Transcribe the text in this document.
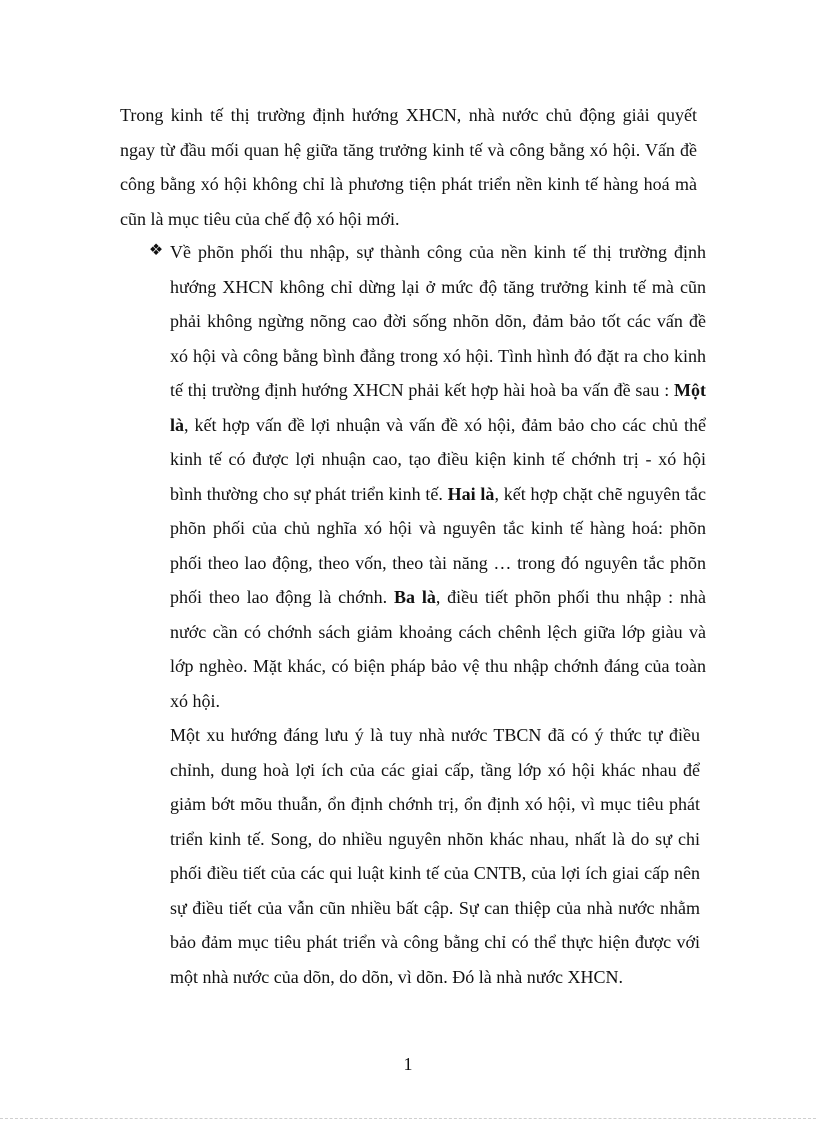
Trong kinh tế thị trường định hướng XHCN, nhà nước chủ động giải quyết ngay từ đầu mối quan hệ giữa tăng trưởng kinh tế và công bằng xó hội. Vấn đề công bằng xó hội không chỉ là phương tiện phát triển nền kinh tế hàng hoá mà cũn là mục tiêu của chế độ xó hội mới.

❖ Về phõn phối thu nhập, sự thành công của nền kinh tế thị trường định hướng XHCN không chỉ dừng lại ở mức độ tăng trưởng kinh tế mà cũn phải không ngừng nõng cao đời sống nhõn dõn, đảm bảo tốt các vấn đề xó hội và công bằng bình đẳng trong xó hội. Tình hình đó đặt ra cho kinh tế thị trường định hướng XHCN phải kết hợp hài hoà ba vấn đề sau : Một là, kết hợp vấn đề lợi nhuận và vấn đề xó hội, đảm bảo cho các chủ thể kinh tế có được lợi nhuận cao, tạo điều kiện kinh tế chớnh trị - xó hội bình thường cho sự phát triển kinh tế. Hai là, kết hợp chặt chẽ nguyên tắc phõn phối của chủ nghĩa xó hội và nguyên tắc kinh tế hàng hoá: phõn phối theo lao động, theo vốn, theo tài năng … trong đó nguyên tắc phõn phối theo lao động là chớnh. Ba là, điều tiết phõn phối thu nhập : nhà nước cần có chớnh sách giảm khoảng cách chênh lệch giữa lớp giàu và lớp nghèo. Mặt khác, có biện pháp bảo vệ thu nhập chớnh đáng của toàn xó hội.

Một xu hướng đáng lưu ý là tuy nhà nước TBCN đã có ý thức tự điều chỉnh, dung hoà lợi ích của các giai cấp, tầng lớp xó hội khác nhau để giảm bớt mõu thuẫn, ổn định chớnh trị, ổn định xó hội, vì mục tiêu phát triển kinh tế. Song, do nhiều nguyên nhõn khác nhau, nhất là do sự chi phối điều tiết của các qui luật kinh tế của CNTB, của lợi ích giai cấp nên sự điều tiết của vẫn cũn nhiều bất cập. Sự can thiệp của nhà nước nhằm bảo đảm mục tiêu phát triển và công bằng chỉ có thể thực hiện được với một nhà nước của dõn, do dõn, vì dõn. Đó là nhà nước XHCN.

1
